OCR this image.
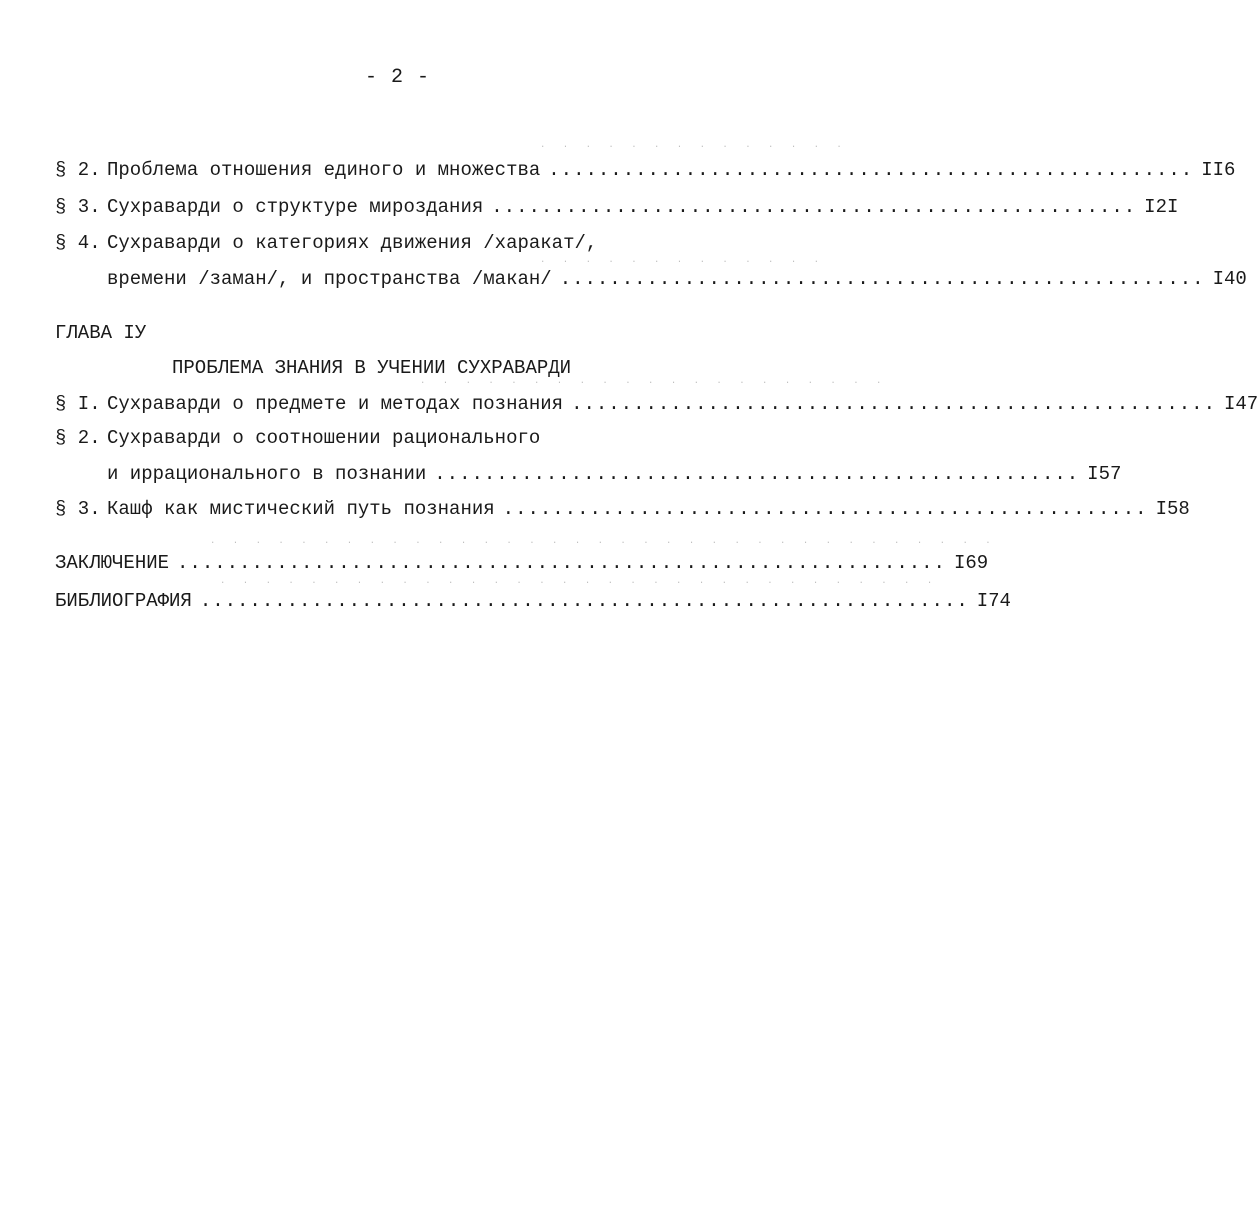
- 2 -
· · · · · · · · · · · · · ·
· · · · · · · · · · · · ·
· · · · · · · · · · · · · · · · · · · · ·
· · · · · · · · · · · · · · · · · · · · · · · · · · · · · · · · · · ·
· · · · · · · · · · · · · · · · · · · · · · · · · · · · · · · ·
§ 2. Проблема отношения единого и множества .................................................... II6
§ 3. Сухраварди о структуре мироздания .................................................... I2I
§ 4. Сухраварди о категориях движения /харакат/,
времени /заман/, и пространства /макан/ .................................................... I40
ГЛАВА IУ
ПРОБЛЕМА ЗНАНИЯ В УЧЕНИИ СУХРАВАРДИ
§ I. Сухраварди о предмете и методах познания .................................................... I47
§ 2. Сухраварди о соотношении рационального
и иррационального в познании .................................................... I57
§ 3. Кашф как мистический путь познания .................................................... I58
ЗАКЛЮЧЕНИЕ .............................................................. I69
БИБЛИОГРАФИЯ .............................................................. I74
